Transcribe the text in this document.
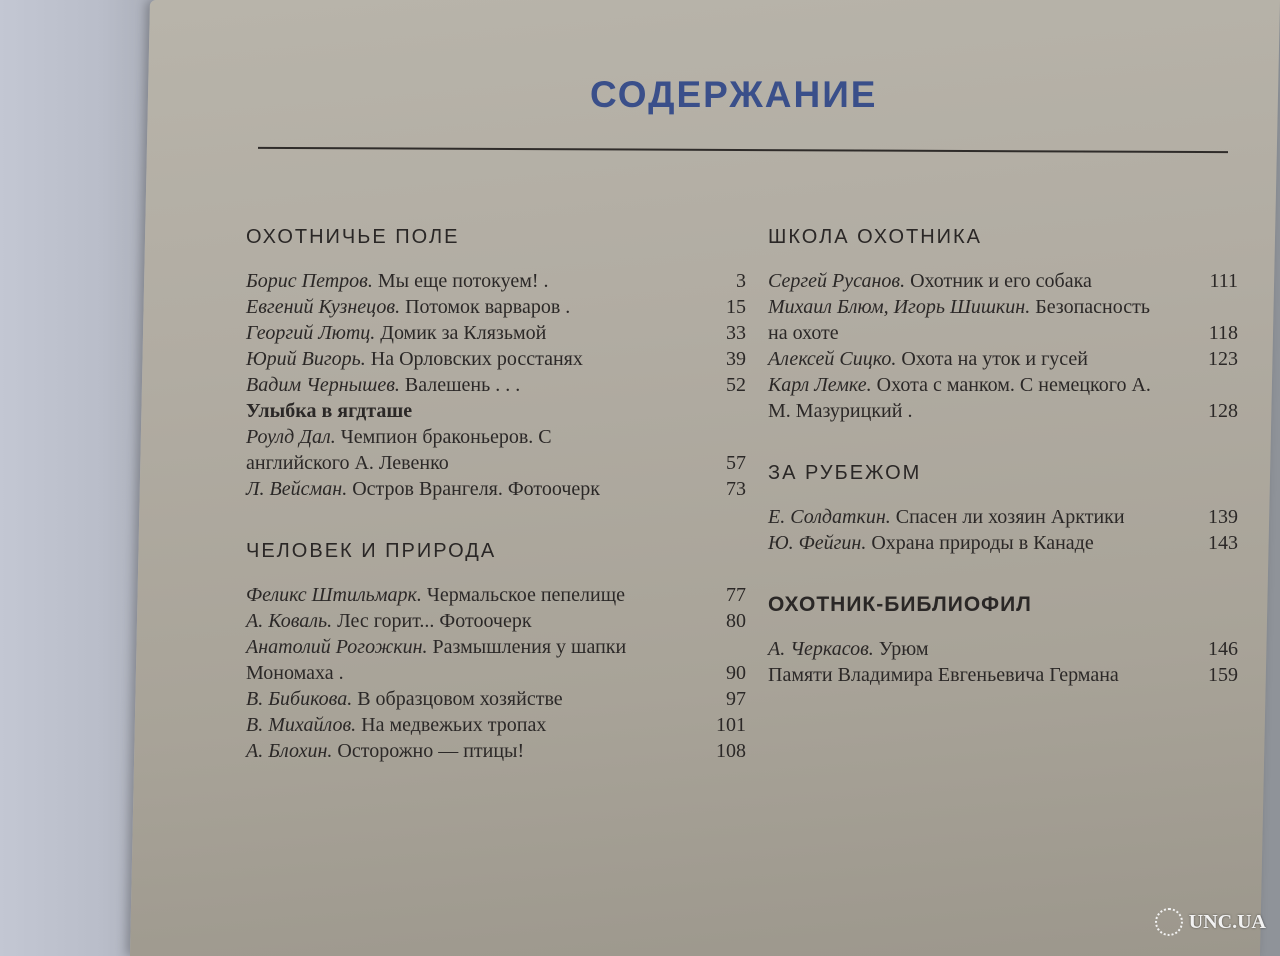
СОДЕРЖАНИЕ
ОХОТНИЧЬЕ ПОЛЕ
Борис Петров. Мы еще потокуем! .	3
Евгений Кузнецов. Потомок варваров .	15
Георгий Лютц. Домик за Клязьмой	33
Юрий Вигорь. На Орловских росстанях	39
Вадим Чернышев. Валешень . . .	52
Улыбка в ягдташе
Роулд Дал. Чемпион браконьеров. С английского А. Левенко	57
Л. Вейсман. Остров Врангеля. Фотоочерк	73
ЧЕЛОВЕК И ПРИРОДА
Феликс Штильмарк. Чермальское пепелище	77
А. Коваль. Лес горит... Фотоочерк	80
Анатолий Рогожкин. Размышления у шапки Мономаха .	90
В. Бибикова. В образцовом хозяйстве	97
В. Михайлов. На медвежьих тропах	101
А. Блохин. Осторожно — птицы!	108
ШКОЛА ОХОТНИКА
Сергей Русанов. Охотник и его собака	111
Михаил Блюм, Игорь Шишкин. Безопасность на охоте	118
Алексей Сицко. Охота на уток и гусей	123
Карл Лемке. Охота с манком. С немецкого А. М. Мазурицкий .	128
ЗА РУБЕЖОМ
Е. Солдаткин. Спасен ли хозяин Арктики	139
Ю. Фейгин. Охрана природы в Канаде	143
ОХОТНИК-БИБЛИОФИЛ
А. Черкасов. Урюм	146
Памяти Владимира Евгеньевича Германа	159
UNC.UA
